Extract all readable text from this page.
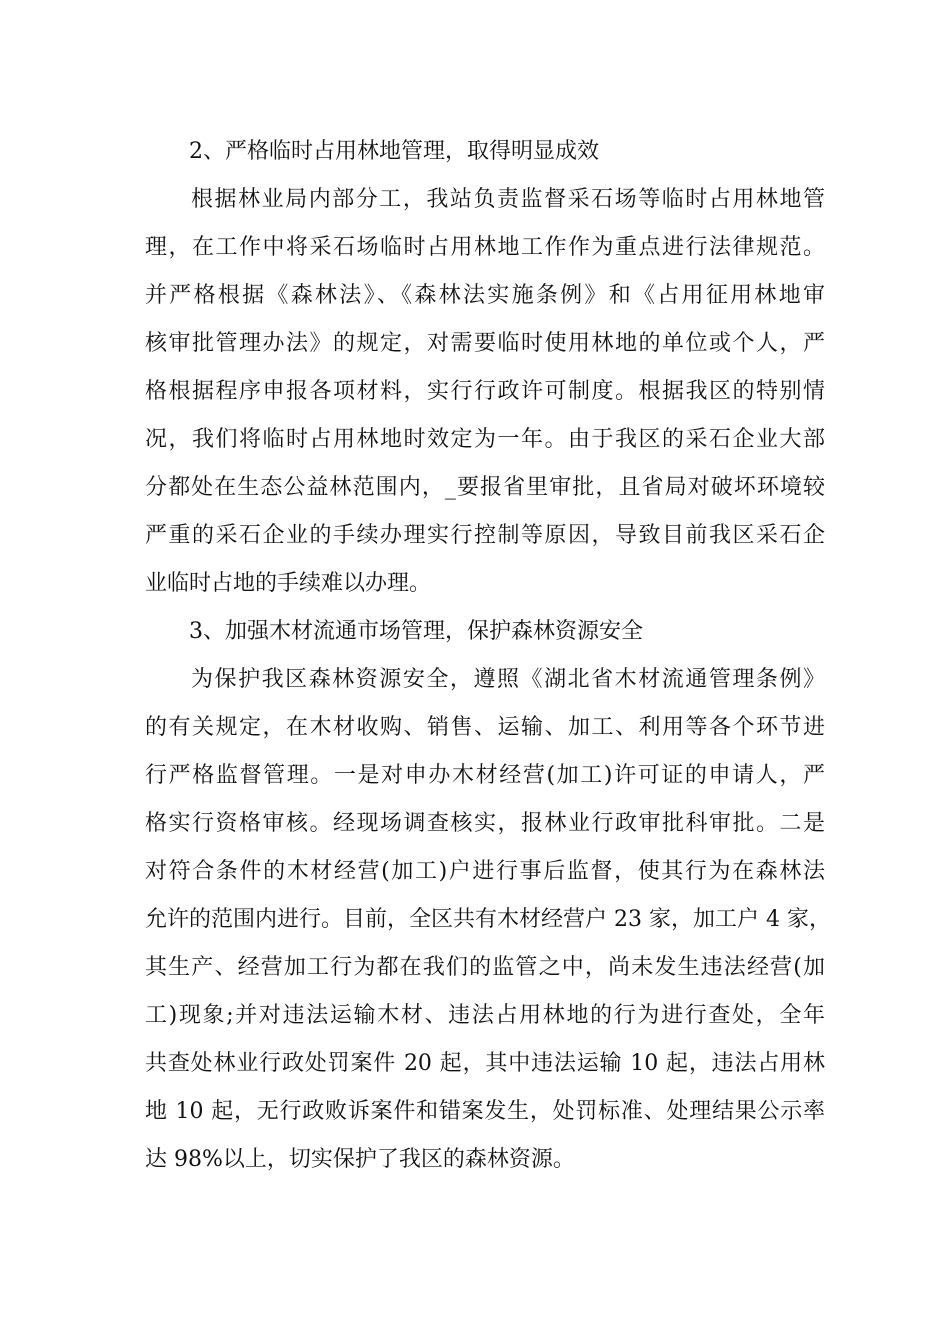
2、严格临时占用林地管理，取得明显成效

根据林业局内部分工，我站负责监督采石场等临时占用林地管
理，在工作中将采石场临时占用林地工作作为重点进行法律规范。
并严格根据《森林法》、《森林法实施条例》和《占用征用林地审
核审批管理办法》的规定，对需要临时使用林地的单位或个人，严
格根据程序申报各项材料，实行行政许可制度。根据我区的特别情
况，我们将临时占用林地时效定为一年。由于我区的采石企业大部
分都处在生态公益林范围内，_要报省里审批，且省局对破坏环境较
严重的采石企业的手续办理实行控制等原因，导致目前我区采石企
业临时占地的手续难以办理。

3、加强木材流通市场管理，保护森林资源安全

为保护我区森林资源安全，遵照《湖北省木材流通管理条例》
的有关规定，在木材收购、销售、运输、加工、利用等各个环节进
行严格监督管理。一是对申办木材经营(加工)许可证的申请人，严
格实行资格审核。经现场调查核实，报林业行政审批科审批。二是
对符合条件的木材经营(加工)户进行事后监督，使其行为在森林法
允许的范围内进行。目前，全区共有木材经营户 23 家，加工户 4 家，
其生产、经营加工行为都在我们的监管之中，尚未发生违法经营(加
工)现象;并对违法运输木材、违法占用林地的行为进行查处，全年
共查处林业行政处罚案件 20 起，其中违法运输 10 起，违法占用林
地 10 起，无行政败诉案件和错案发生，处罚标准、处理结果公示率
达 98%以上，切实保护了我区的森林资源。
